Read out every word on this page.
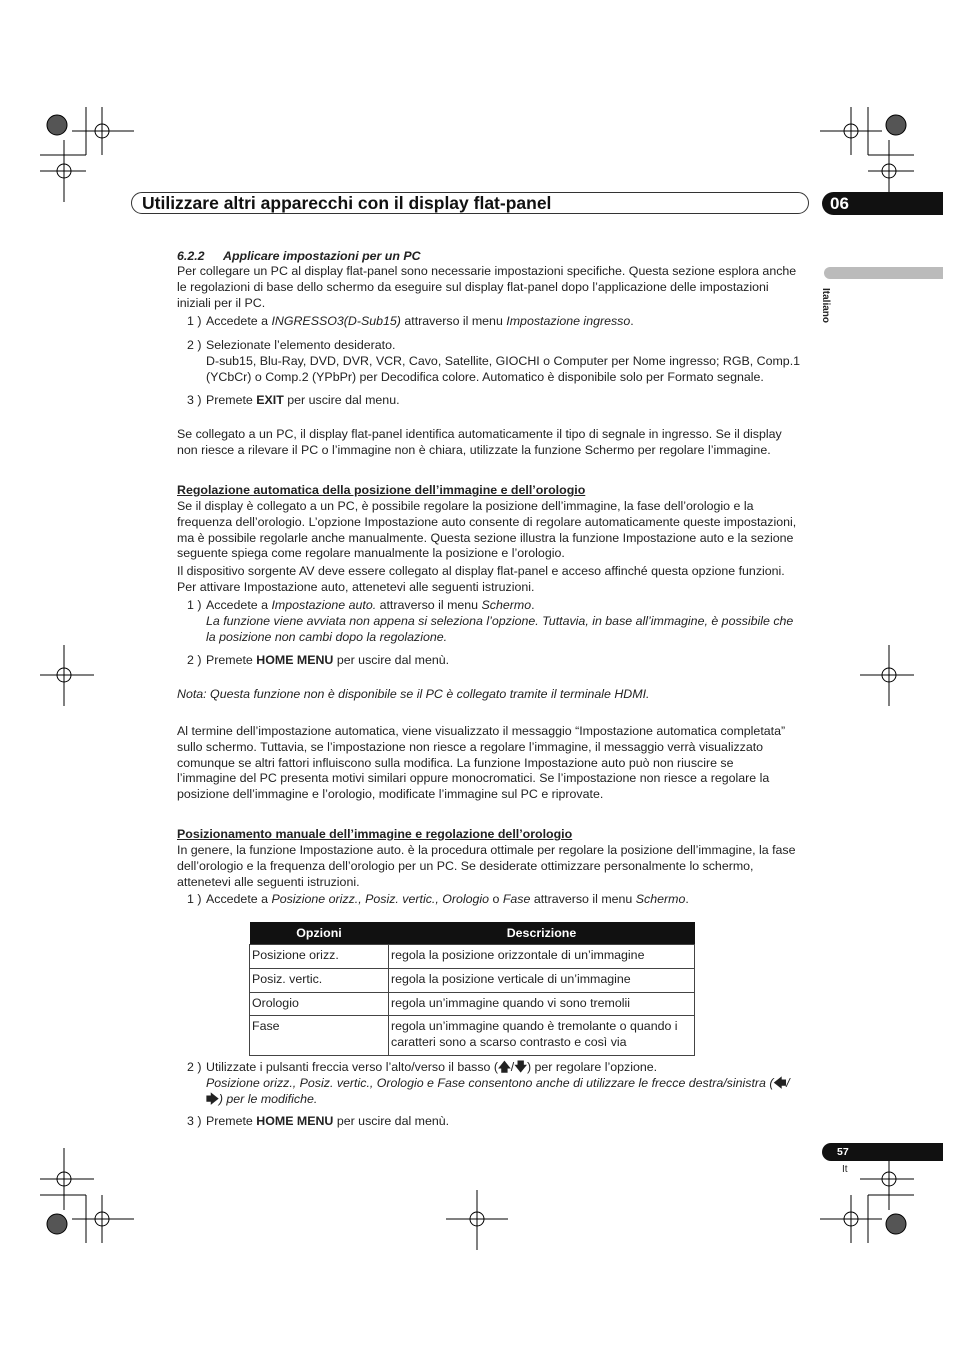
Utilizzare altri apparecchi con il display flat-panel	06
Italiano
6.2.2 Applicare impostazioni per un PC

Per collegare un PC al display flat-panel sono necessarie impostazioni specifiche. Questa sezione esplora anche

le regolazioni di base dello schermo da eseguire sul display flat-panel dopo l’applicazione delle impostazioni

iniziali per il PC.

1 ) Accedete a INGRESSO3(D-Sub15) attraverso il menu Impostazione ingresso.
2 ) Selezionate l’elemento desiderato.
D-sub15, Blu-Ray, DVD, DVR, VCR, Cavo, Satellite, GIOCHI o Computer per Nome ingresso; RGB, Comp.1
(YCbCr) o Comp.2 (YPbPr) per Decodifica colore. Automatico è disponibile solo per Formato segnale.
3 ) Premete EXIT per uscire dal menu.

Se collegato a un PC, il display flat-panel identifica automaticamente il tipo di segnale in ingresso. Se il display

non riesce a rilevare il PC o l’immagine non è chiara, utilizzate la funzione Schermo per regolare l’immagine.

Regolazione automatica della posizione dell’immagine e dell’orologio

Se il display è collegato a un PC, è possibile regolare la posizione dell’immagine, la fase dell’orologio e la

frequenza dell’orologio. L’opzione Impostazione auto consente di regolare automaticamente queste impostazioni,

ma è possibile regolarle anche manualmente. Questa sezione illustra la funzione Impostazione auto e la sezione

seguente spiega come regolare manualmente la posizione e l’orologio.

Il dispositivo sorgente AV deve essere collegato al display flat-panel e acceso affinché questa opzione funzioni.

Per attivare Impostazione auto, attenetevi alle seguenti istruzioni.

1 ) Accedete a Impostazione auto. attraverso il menu Schermo.
La funzione viene avviata non appena si seleziona l’opzione. Tuttavia, in base all’immagine, è possibile che
la posizione non cambi dopo la regolazione.
2 ) Premete HOME MENU per uscire dal menù.
Nota: Questa funzione non è disponibile se il PC è collegato tramite il terminale HDMI.

Al termine dell’impostazione automatica, viene visualizzato il messaggio “Impostazione automatica completata”

sullo schermo. Tuttavia, se l’impostazione non riesce a regolare l’immagine, il messaggio verrà visualizzato

comunque se altri fattori influiscono sulla modifica. La funzione Impostazione auto può non riuscire se

l’immagine del PC presenta motivi similari oppure monocromatici. Se l’impostazione non riesce a regolare la

posizione dell’immagine e l’orologio, modificate l’immagine sul PC e riprovate.

Posizionamento manuale dell’immagine e regolazione dell’orologio

In genere, la funzione Impostazione auto. è la procedura ottimale per regolare la posizione dell’immagine, la fase

dell’orologio e la frequenza dell’orologio per un PC. Se desiderate ottimizzare personalmente lo schermo,

attenetevi alle seguenti istruzioni.

1 ) Accedete a Posizione orizz., Posiz. vertic., Orologio o Fase attraverso il menu Schermo.
Opzioni	Descrizione
Posizione orizz.	regola la posizione orizzontale di un’immagine
Posiz. vertic.	regola la posizione verticale di un’immagine
Orologio	regola un’immagine quando vi sono tremolii
Fase	regola un’immagine quando è tremolante o quando i
caratteri sono a scarso contrasto e così via
2 ) Utilizzate i pulsanti freccia verso l’alto/verso il basso (🡅/🡇) per regolare l’opzione.
Posizione orizz., Posiz. vertic., Orologio e Fase consentono anche di utilizzare le frecce destra/sinistra (🡄/
🡆) per le modifiche.
3 ) Premete HOME MENU per uscire dal menù.
57
It
